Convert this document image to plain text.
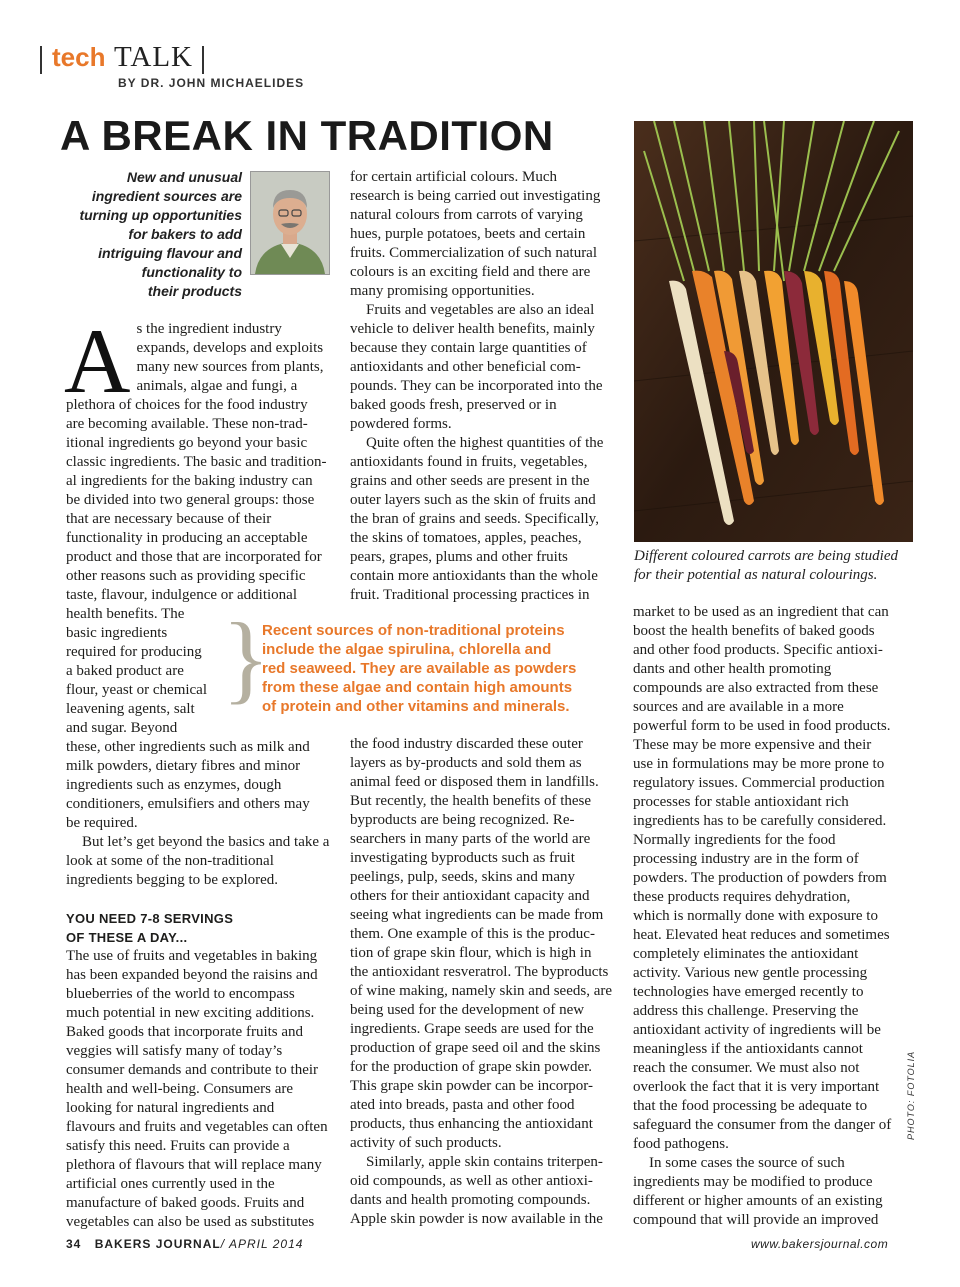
tech TALK
BY DR. JOHN MICHAELIDES
A BREAK IN TRADITION
New and unusual
ingredient sources are
turning up opportunities
for bakers to add
intriguing flavour and
functionality to
their products
A s the ingredient industry
expands, develops and exploits
many new sources from plants,
animals, algae and fungi, a
plethora of choices for the food industry
are becoming available. These non-trad-
itional ingredients go beyond your basic
classic ingredients. The basic and tradition-
al ingredients for the baking industry can
be divided into two general groups: those
that are necessary because of their
functionality in producing an acceptable
product and those that are incorporated for
other reasons such as providing specific
taste, flavour, indulgence or additional
health benefits. The
basic ingredients
required for producing
a baked product are
flour, yeast or chemical
leavening agents, salt
and sugar. Beyond
these, other ingredients such as milk and
milk powders, dietary fibres and minor
ingredients such as enzymes, dough
conditioners, emulsifiers and others may
be required.

But let’s get beyond the basics and take a
look at some of the non-traditional
ingredients begging to be explored.

YOU NEED 7-8 SERVINGS
OF THESE A DAY...

The use of fruits and vegetables in baking
has been expanded beyond the raisins and
blueberries of the world to encompass
much potential in new exciting additions.
Baked goods that incorporate fruits and
veggies will satisfy many of today’s
consumer demands and contribute to their
health and well-being. Consumers are
looking for natural ingredients and
flavours and fruits and vegetables can often
satisfy this need. Fruits can provide a
plethora of flavours that will replace many
artificial ones currently used in the
manufacture of baked goods. Fruits and
vegetables can also be used as substitutes

for certain artificial colours. Much
research is being carried out investigating
natural colours from carrots of varying
hues, purple potatoes, beets and certain
fruits. Commercialization of such natural
colours is an exciting field and there are
many promising opportunities.

Fruits and vegetables are also an ideal
vehicle to deliver health benefits, mainly
because they contain large quantities of
antioxidants and other beneficial com-
pounds. They can be incorporated into the
baked goods fresh, preserved or in
powdered forms.

Quite often the highest quantities of the
antioxidants found in fruits, vegetables,
grains and other seeds are present in the
outer layers such as the skin of fruits and
the bran of grains and seeds. Specifically,
the skins of tomatoes, apples, peaches,
pears, grapes, plums and other fruits
contain more antioxidants than the whole
fruit. Traditional processing practices in

}
Recent sources of non-traditional proteins
include the algae spirulina, chlorella and
red seaweed. They are available as powders
from these algae and contain high amounts
of protein and other vitamins and minerals.

the food industry discarded these outer
layers as by-products and sold them as
animal feed or disposed them in landfills.
But recently, the health benefits of these
byproducts are being recognized. Re-
searchers in many parts of the world are
investigating byproducts such as fruit
peelings, pulp, seeds, skins and many
others for their antioxidant capacity and
seeing what ingredients can be made from
them. One example of this is the produc-
tion of grape skin flour, which is high in
the antioxidant resveratrol. The byproducts
of wine making, namely skin and seeds, are
being used for the development of new
ingredients. Grape seeds are used for the
production of grape seed oil and the skins
for the production of grape skin powder.
This grape skin powder can be incorpor-
ated into breads, pasta and other food
products, thus enhancing the antioxidant
activity of such products.

Similarly, apple skin contains triterpen-
oid compounds, as well as other antioxi-
dants and health promoting compounds.
Apple skin powder is now available in the

Different coloured carrots are being studied
for their potential as natural colourings.

market to be used as an ingredient that can
boost the health benefits of baked goods
and other food products. Specific antioxi-
dants and other health promoting
compounds are also extracted from these
sources and are available in a more
powerful form to be used in food products.
These may be more expensive and their
use in formulations may be more prone to
regulatory issues. Commercial production
processes for stable antioxidant rich
ingredients has to be carefully considered.
Normally ingredients for the food
processing industry are in the form of
powders. The production of powders from
these products requires dehydration,
which is normally done with exposure to
heat. Elevated heat reduces and sometimes
completely eliminates the antioxidant
activity. Various new gentle processing
technologies have emerged recently to
address this challenge. Preserving the
antioxidant activity of ingredients will be
meaningless if the antioxidants cannot
reach the consumer. We must also not
overlook the fact that it is very important
that the food processing be adequate to
safeguard the consumer from the danger of
food pathogens.

In some cases the source of such
ingredients may be modified to produce
different or higher amounts of an existing
compound that will provide an improved

PHOTO: FOTOLIA
34 BAKERS JOURNAL/ APRIL 2014	www.bakersjournal.com
